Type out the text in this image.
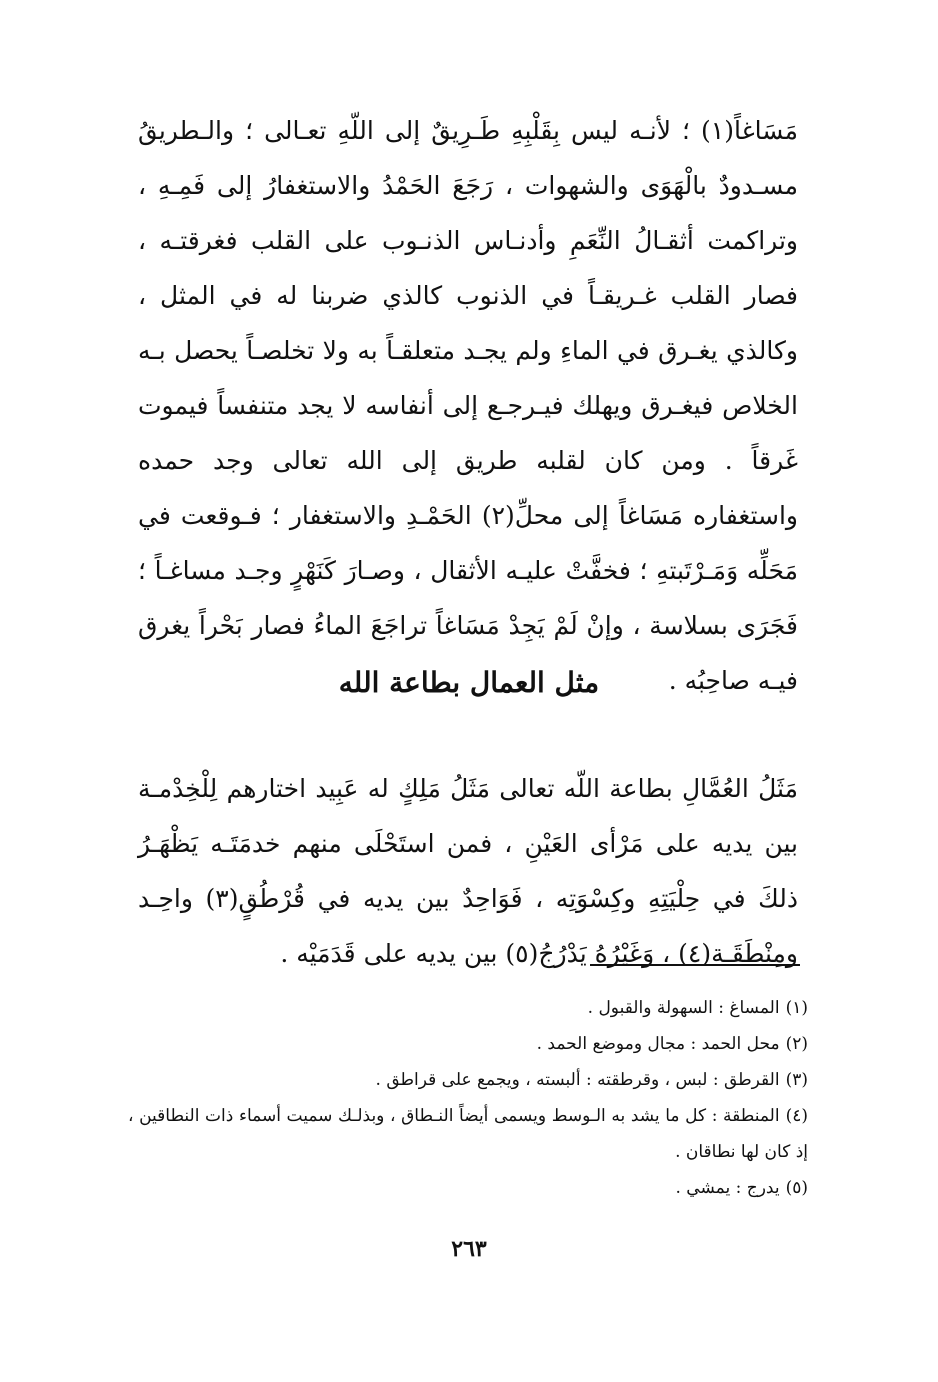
مَسَاغاً(١) ؛ لأنـه ليس بِقَلْبِهِ طَـرِيقٌ إلى اللّهِ تعـالى ؛ والـطريقُ مسـدودٌ بالْهَوَى والشهوات ، رَجَعَ الحَمْدُ والاستغفارُ إلى فَمِـهِ ، وتراكمت أثقـالُ النِّعَمِ وأدنـاس الذنـوب على القلب فغرقتـه ، فصار القلب غـريقـاً في الذنوب كالذي ضربنا له في المثل ، وكالذي يغـرق في الماءِ ولم يجـد متعلقـاً به ولا تخلصـاً يحصل بـه الخلاص فيغـرق ويهلك فيـرجـع إلى أنفاسه لا يجد متنفساً فيموت غَرقاً . ومن كان لقلبه طريق إلى الله تعالى وجد حمده واستغفاره مَسَاغاً إلى محلِّ(٢) الحَمْـدِ والاستغفار ؛ فـوقعت في مَحَلِّه وَمَـرْتَبتهِ ؛ فخفَّتْ عليـه الأثقال ، وصـارَ كَنَهْرٍ وجـد مساغـاً ؛ فَجَرَى بسلاسة ، وإنْ لَمْ يَجِدْ مَسَاغاً تراجَعَ الماءُ فصار بَحْراً يغرق فيـه صاحِبُه .

مثل العمال بطاعة الله

مَثَلُ العُمَّالِ بطاعة اللّه تعالى مَثَلُ مَلِكٍ له عَبِيد اختارهم لِلْخِدْمـة بين يديه على مَرْأى العَيْنِ ، فمن استَحْلَى منهم خدمَتَـه يَظْهَـرُ ذلكَ في حِلْيَتِهِ وكِسْوَتِه ، فَوَاحِدٌ بين يديه في قُرْطُقٍ(٣) واحِـد ومِنْطَقَـة(٤) ، وَغَيْرُهُ يَدْرُجُ(٥) بين يديه على قَدَمَيْه .

(١)المساغ : السهولة والقبول .
(٢)محل الحمد : مجال وموضع الحمد .
(٣)القرطق : لبس ، وقرطقته : ألبسته ، ويجمع على قراطق .
(٤)المنطقة : كل ما يشد به الـوسط ويسمى أيضاً النـطاق ، وبذلـك سميت أسماء ذات النطاقين ، إذ كان لها نطاقان .
(٥)يدرج : يمشي .
٢٦٣
